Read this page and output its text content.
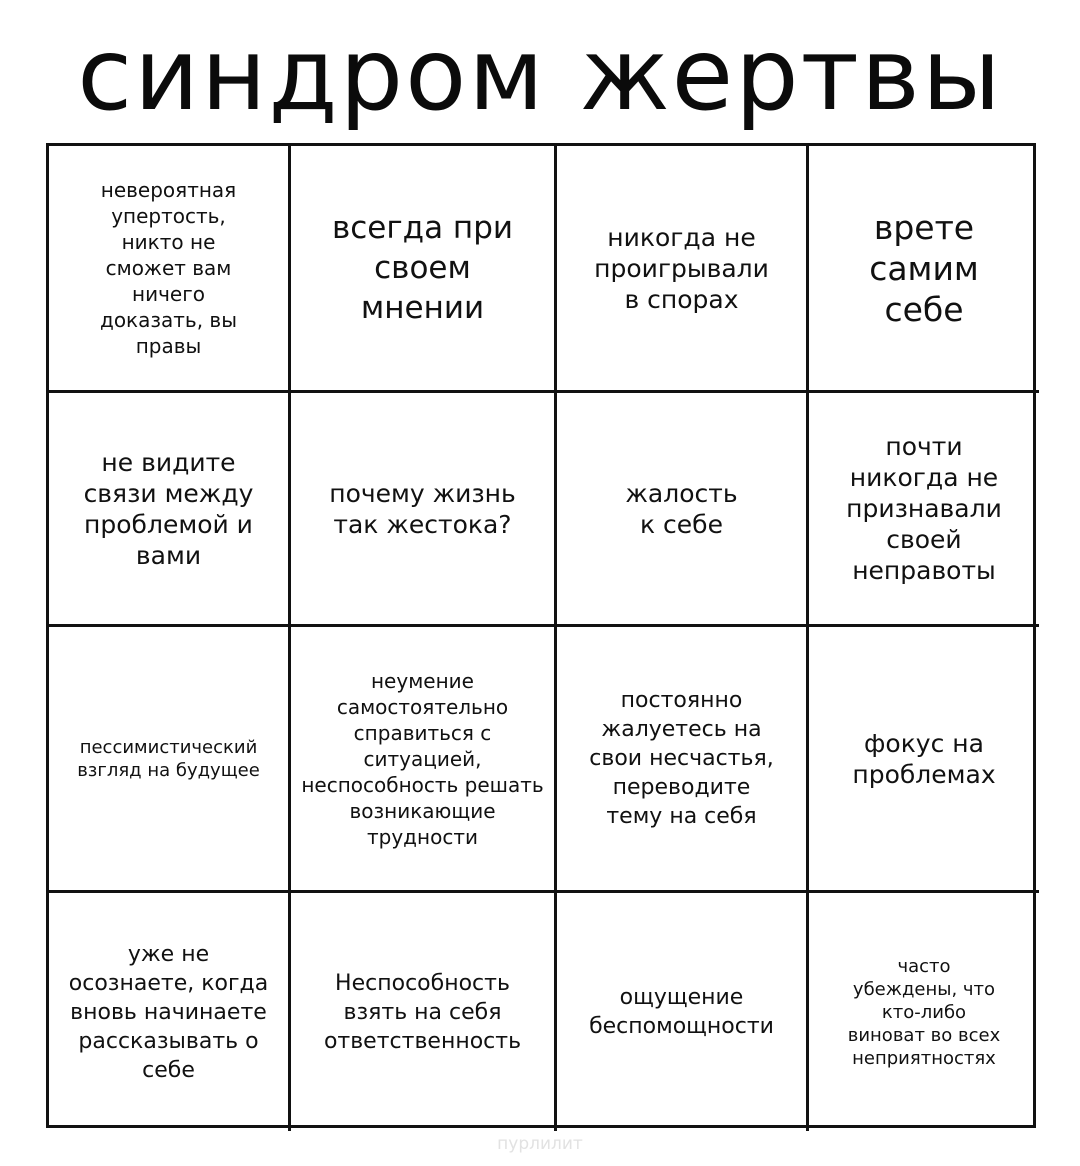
синдром жертвы
невероятная
упертость,
никто не
сможет вам
ничего
доказать, вы
правы
всегда при
своем
мнении
никогда не
проигрывали
в спорах
врете
самим
себе
не видите
связи между
проблемой и
вами
почему жизнь
так жестока?
жалость
к себе
почти
никогда не
признавали
своей
неправоты
пессимистический
взгляд на будущее
неумение
самостоятельно
справиться с
ситуацией,
неспособность решать
возникающие
трудности
постоянно
жалуетесь на
свои несчастья,
переводите
тему на себя
фокус на
проблемах
уже не
осознаете, когда
вновь начинаете
рассказывать о
себе
Неспособность
взять на себя
ответственность
ощущение
беспомощности
часто
убеждены, что
кто-либо
виноват во всех
неприятностях
пурлилит
